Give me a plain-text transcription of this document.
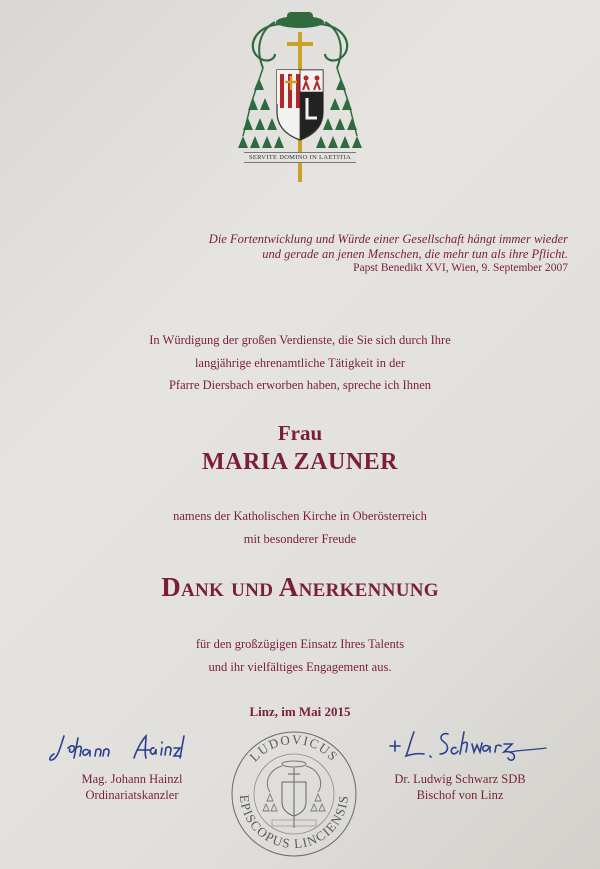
SERVITE DOMINO IN LAETITIA
Die Fortentwicklung und Würde einer Gesellschaft hängt immer wieder
und gerade an jenen Menschen, die mehr tun als ihre Pflicht.
Papst Benedikt XVI, Wien, 9. September 2007
In Würdigung der großen Verdienste, die Sie sich durch Ihre
langjährige ehrenamtliche Tätigkeit in der
Pfarre Diersbach erworben haben, spreche ich Ihnen
Frau
MARIA ZAUNER
namens der Katholischen Kirche in Oberösterreich
mit besonderer Freude
Dank und Anerkennung
für den großzügigen Einsatz Ihres Talents
und ihr vielfältiges Engagement aus.
Linz, im Mai 2015
Mag. Johann Hainzl
Ordinariatskanzler
LUDOVICUS
EPISCOPUS LINCIENSIS
Dr. Ludwig Schwarz SDB
Bischof von Linz
